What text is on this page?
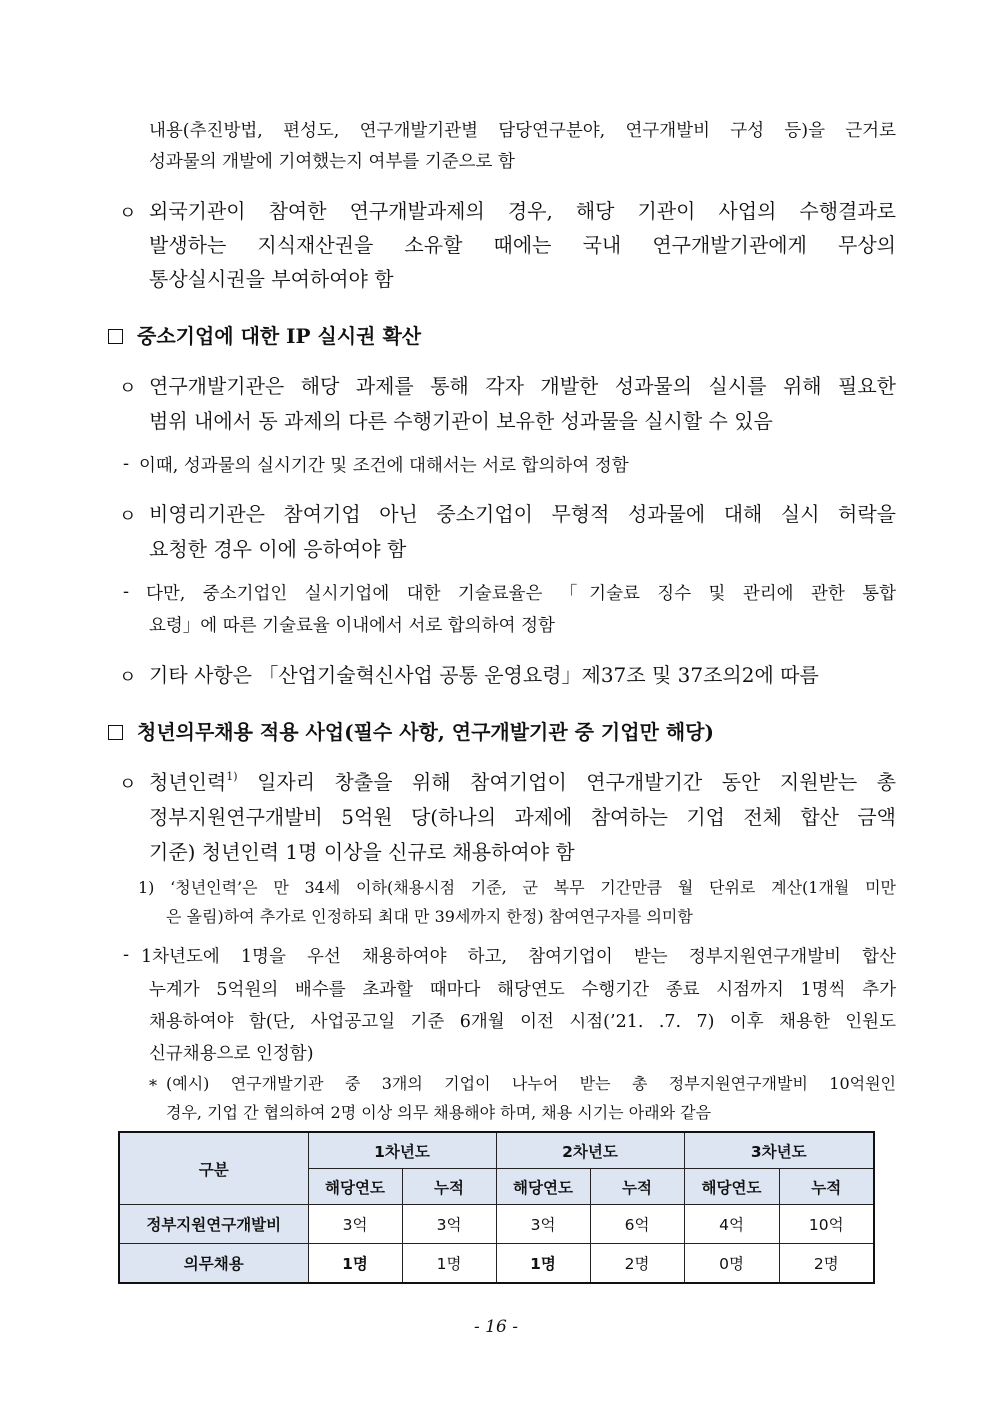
내용(추진방법, 편성도, 연구개발기관별 담당연구분야, 연구개발비 구성 등)을 근거로
성과물의 개발에 기여했는지 여부를 기준으로 함
ㅇ 외국기관이 참여한 연구개발과제의 경우, 해당 기관이 사업의 수행결과로
발생하는 지식재산권을 소유할 때에는 국내 연구개발기관에게 무상의
통상실시권을 부여하여야 함
중소기업에 대한 IP 실시권 확산
ㅇ 연구개발기관은 해당 과제를 통해 각자 개발한 성과물의 실시를 위해 필요한
범위 내에서 동 과제의 다른 수행기관이 보유한 성과물을 실시할 수 있음
- 이때, 성과물의 실시기간 및 조건에 대해서는 서로 합의하여 정함
ㅇ 비영리기관은 참여기업 아닌 중소기업이 무형적 성과물에 대해 실시 허락을
요청한 경우 이에 응하여야 함
- 다만, 중소기업인 실시기업에 대한 기술료율은 「기술료 징수 및 관리에 관한 통합
요령」에 따른 기술료율 이내에서 서로 합의하여 정함
ㅇ 기타 사항은 「산업기술혁신사업 공통 운영요령」제37조 및 37조의2에 따름
청년의무채용 적용 사업(필수 사항, 연구개발기관 중 기업만 해당)
ㅇ 청년인력$^{1)}$ 일자리 창출을 위해 참여기업이 연구개발기간 동안 지원받는 총
정부지원연구개발비 5억원 당(하나의 과제에 참여하는 기업 전체 합산 금액
기준) 청년인력 1명 이상을 신규로 채용하여야 함
1) ‘청년인력’은 만 34세 이하(채용시점 기준, 군 복무 기간만큼 월 단위로 계산(1개월 미만
은 올림)하여 추가로 인정하되 최대 만 39세까지 한정) 참여연구자를 의미함
- 1차년도에 1명을 우선 채용하여야 하고, 참여기업이 받는 정부지원연구개발비 합산
누계가 5억원의 배수를 초과할 때마다 해당연도 수행기간 종료 시점까지 1명씩 추가
채용하여야 함(단, 사업공고일 기준 6개월 이전 시점(’21. .7. 7) 이후 채용한 인원도
신규채용으로 인정함)
* (예시) 연구개발기관 중 3개의 기업이 나누어 받는 총 정부지원연구개발비 10억원인
경우, 기업 간 협의하여 2명 이상 의무 채용해야 하며, 채용 시기는 아래와 같음
구분	1차년도		2차년도		3차년도	
	해당연도	누적	해당연도	누적	해당연도	누적
정부지원연구개발비	3억	3억	3억	6억	4억	10억
의무채용	1명	1명	1명	2명	0명	2명
- 16 -
